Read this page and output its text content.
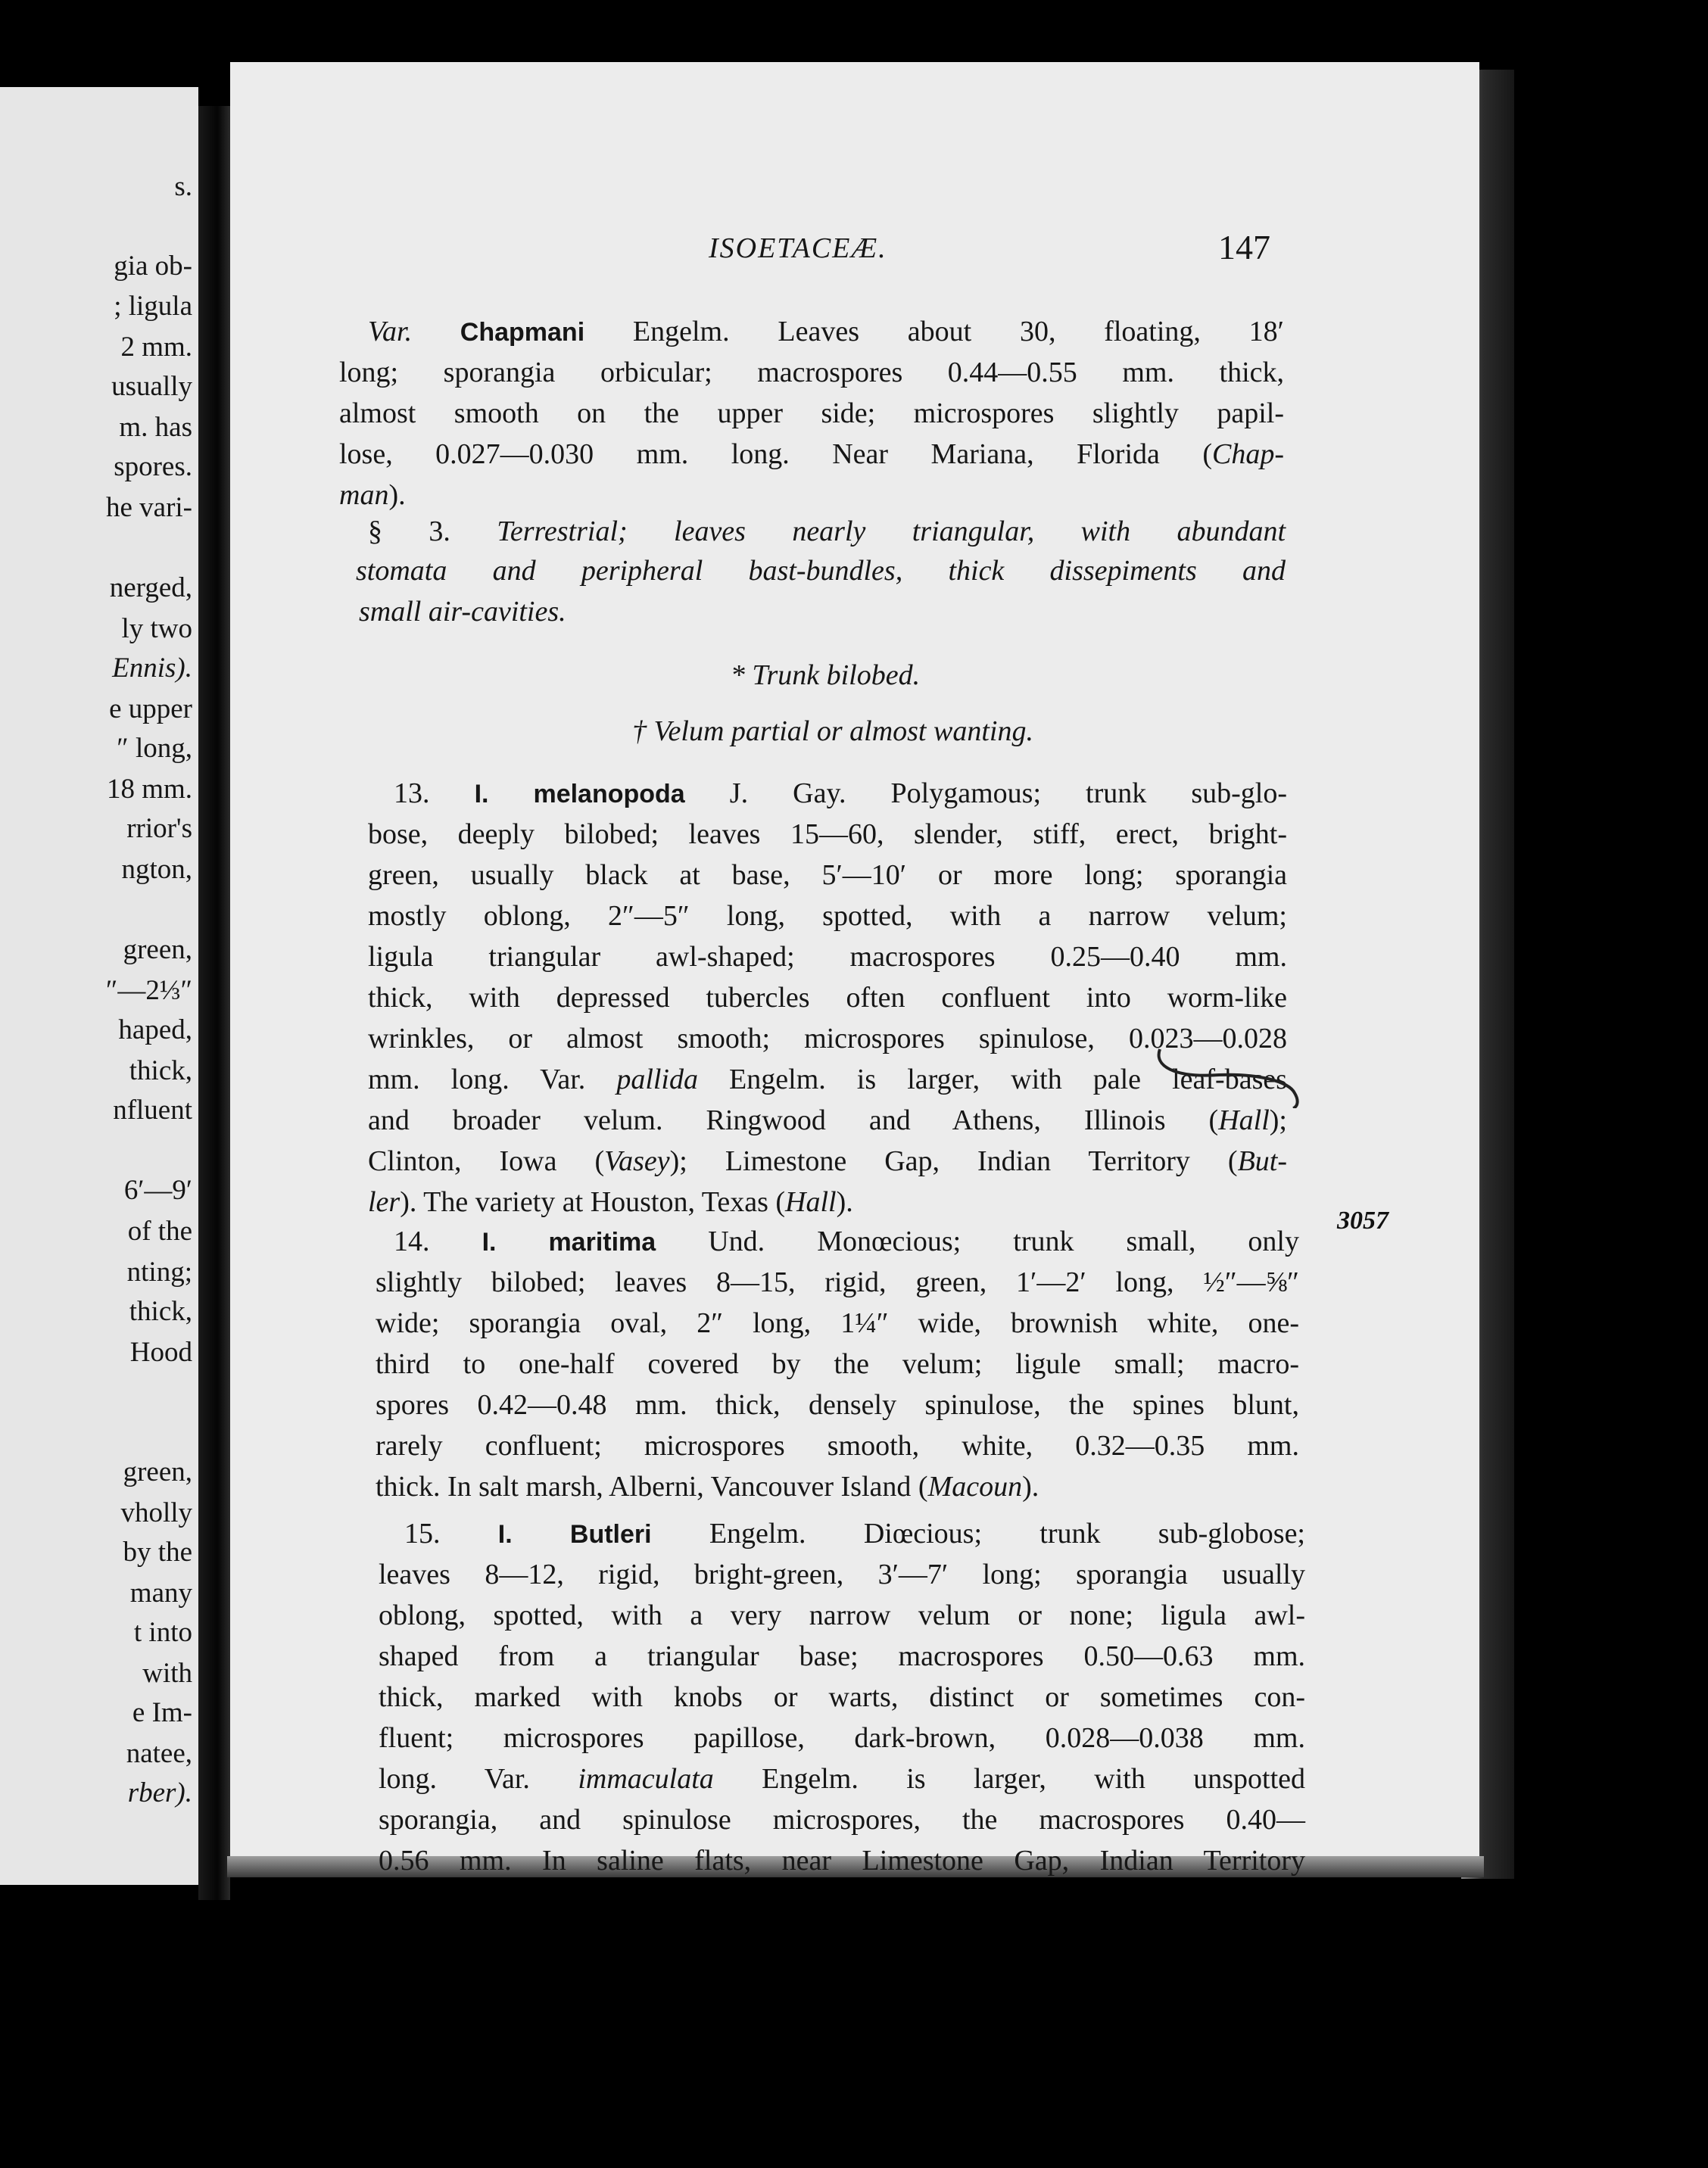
s.
gia ob-
; ligula
2 mm.
usually
m. has
spores.
he vari-
nerged,
ly two
Ennis).
e upper
″ long,
18 mm.
rrior's
ngton,
green,
″—2⅓″
haped,
thick,
nfluent
6′—9′
of the
nting;
thick,
Hood
green,
vholly
by the
many
t into
with
e Im-
natee,
rber).
ISOETACEÆ.	147
Var. Chapmani Engelm. Leaves about 30, floating, 18′
long; sporangia orbicular; macrospores 0.44—0.55 mm. thick,
almost smooth on the upper side; microspores slightly papil-
lose, 0.027—0.030 mm. long. Near Mariana, Florida (Chap-
man).
§ 3. Terrestrial; leaves nearly triangular, with abundant
stomata and peripheral bast-bundles, thick dissepiments and
small air-cavities.
* Trunk bilobed.
† Velum partial or almost wanting.
13. I. melanopoda J. Gay. Polygamous; trunk sub-glo-
bose, deeply bilobed; leaves 15—60, slender, stiff, erect, bright-
green, usually black at base, 5′—10′ or more long; sporangia
mostly oblong, 2″—5″ long, spotted, with a narrow velum;
ligula triangular awl-shaped; macrospores 0.25—0.40 mm.
thick, with depressed tubercles often confluent into worm-like
wrinkles, or almost smooth; microspores spinulose, 0.023—0.028
mm. long. Var. pallida Engelm. is larger, with pale leaf-bases
and broader velum. Ringwood and Athens, Illinois (Hall);
Clinton, Iowa (Vasey); Limestone Gap, Indian Territory (But-
ler). The variety at Houston, Texas (Hall).
14. I. maritima Und. Monœcious; trunk small, only
slightly bilobed; leaves 8—15, rigid, green, 1′—2′ long, ½″—⅝″
wide; sporangia oval, 2″ long, 1¼″ wide, brownish white, one-
third to one-half covered by the velum; ligule small; macro-
spores 0.42—0.48 mm. thick, densely spinulose, the spines blunt,
rarely confluent; microspores smooth, white, 0.32—0.35 mm.
thick. In salt marsh, Alberni, Vancouver Island (Macoun).
15. I. Butleri Engelm. Diœcious; trunk sub-globose;
leaves 8—12, rigid, bright-green, 3′—7′ long; sporangia usually
oblong, spotted, with a very narrow velum or none; ligula awl-
shaped from a triangular base; macrospores 0.50—0.63 mm.
thick, marked with knobs or warts, distinct or sometimes con-
fluent; microspores papillose, dark-brown, 0.028—0.038 mm.
long. Var. immaculata Engelm. is larger, with unspotted
sporangia, and spinulose microspores, the macrospores 0.40—
0.56 mm. In saline flats, near Limestone Gap, Indian Territory
3057
